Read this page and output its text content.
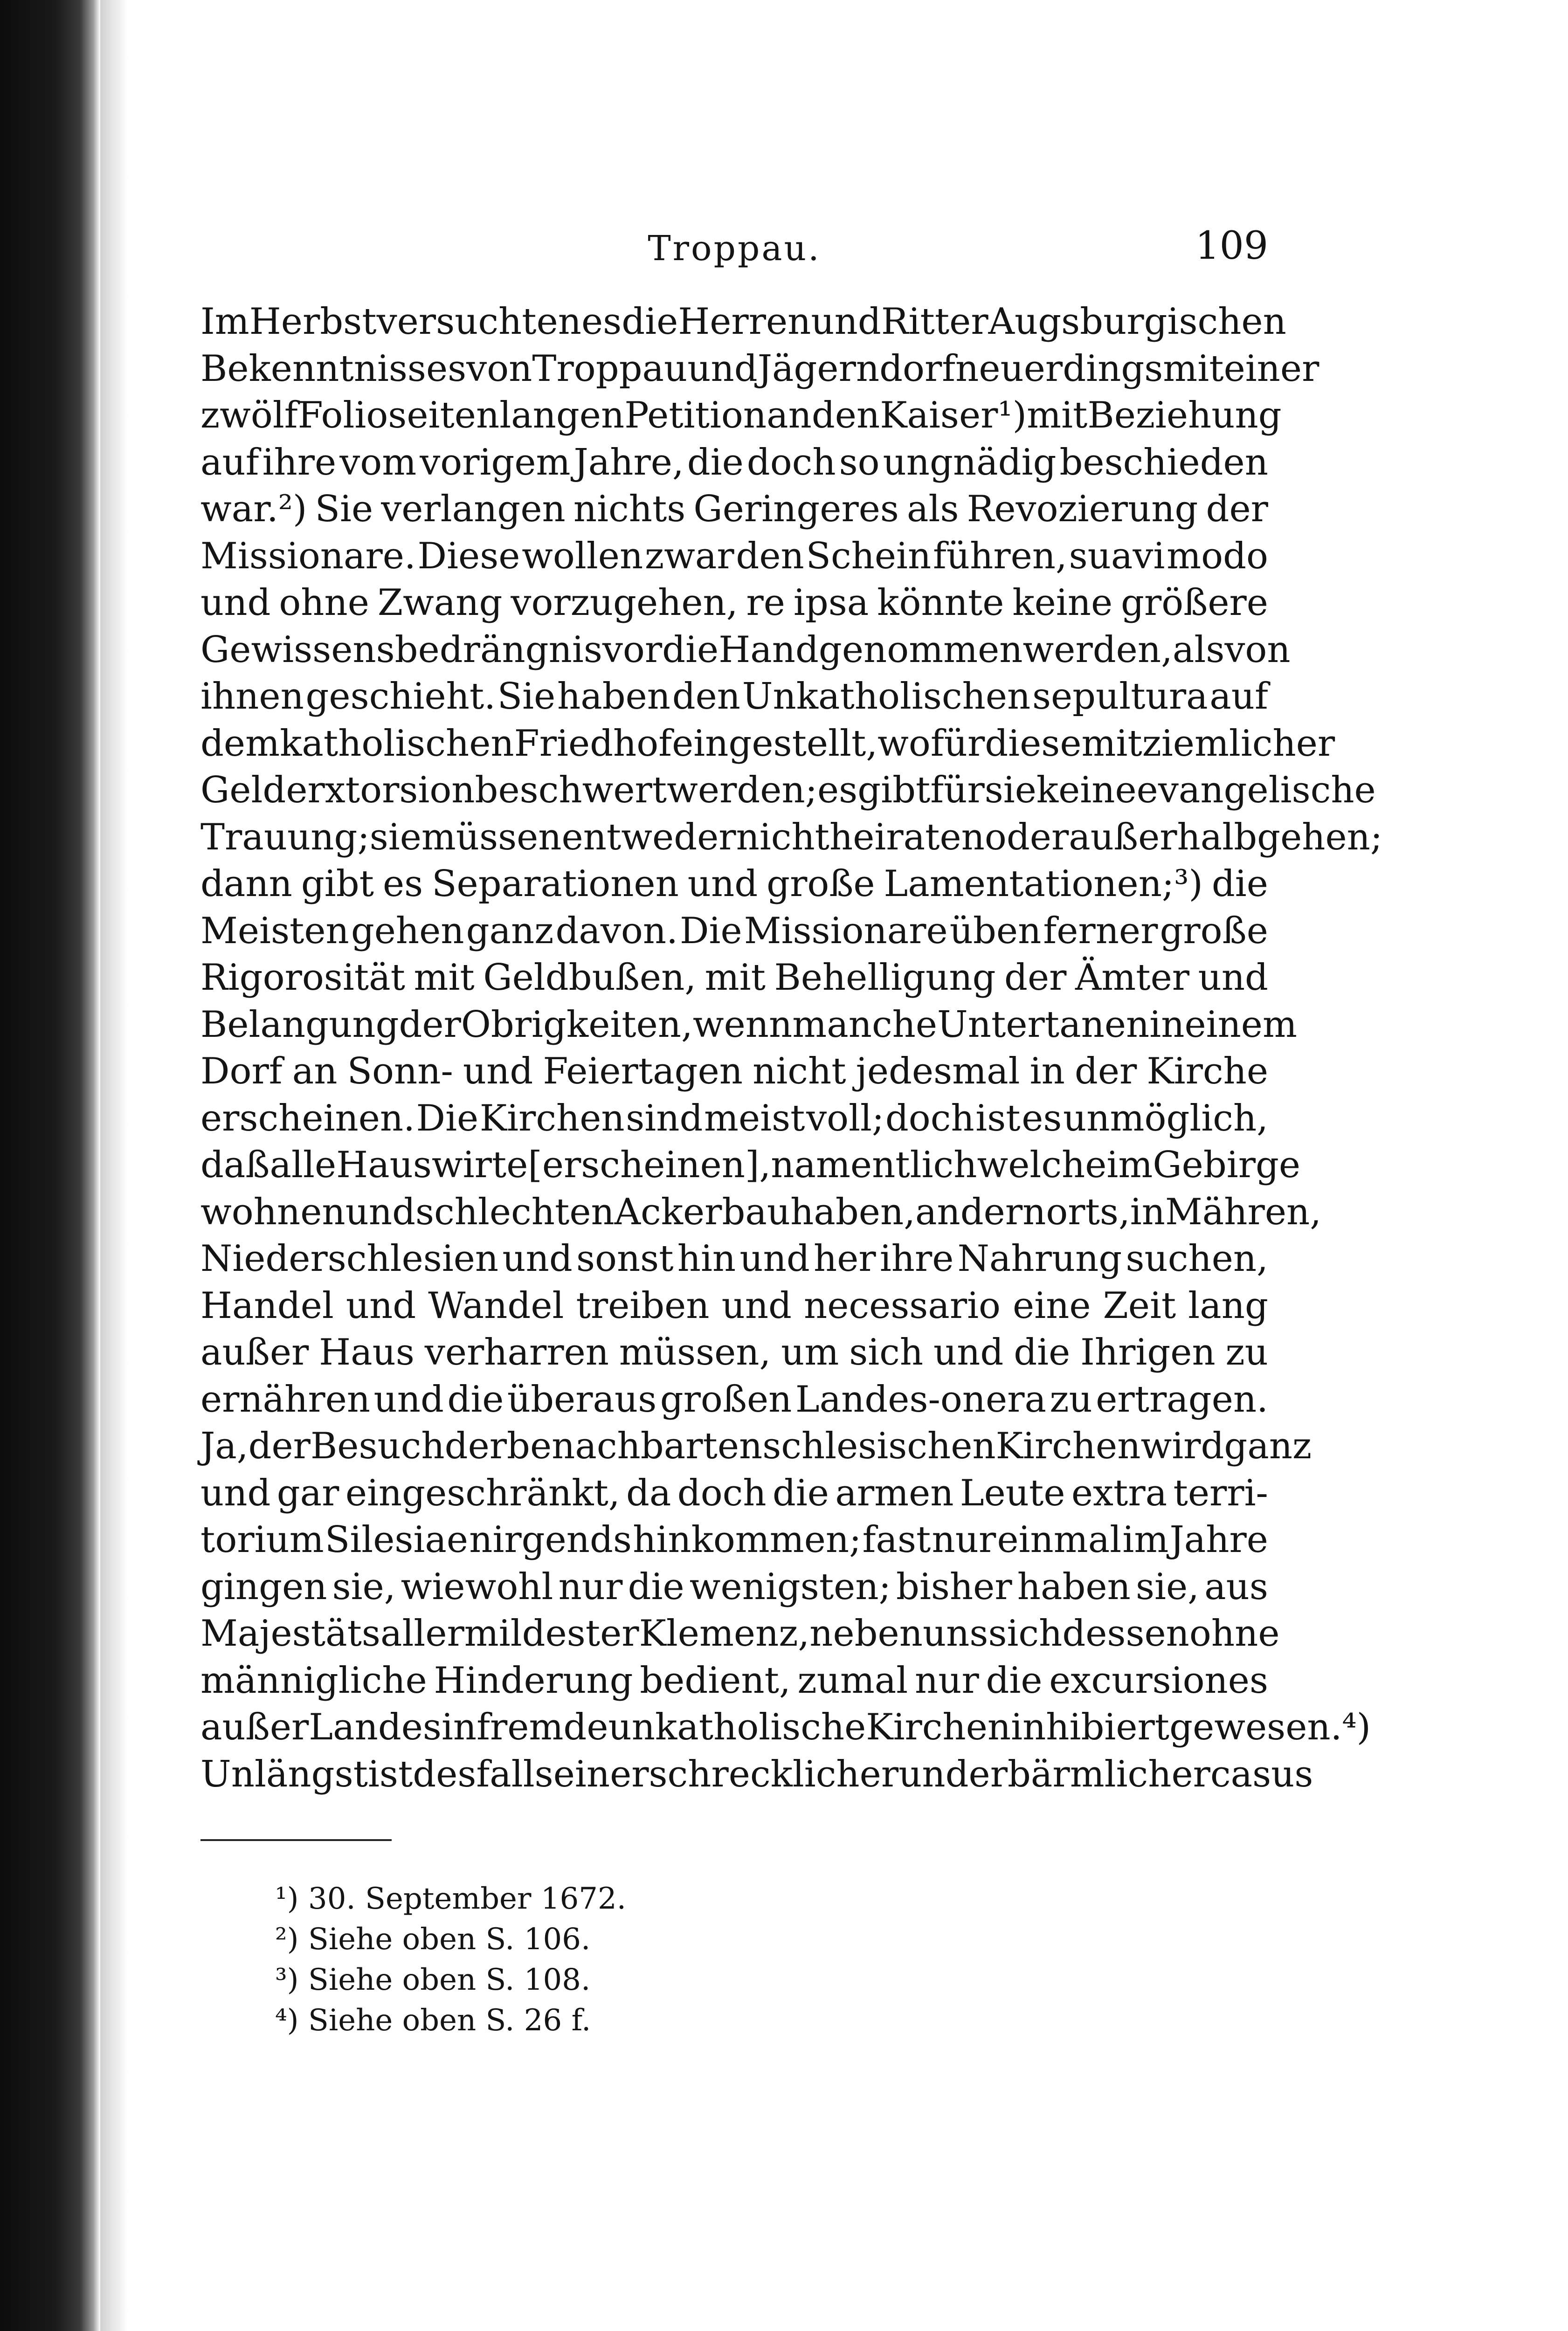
Troppau.	109
Im Herbst versuchten es die Herren und Ritter Augsburgischen
Bekenntnisses von Troppau und Jägerndorf neuerdings mit einer
zwölf Folioseiten langen Petition an den Kaiser¹) mit Beziehung
auf ihre vom vorigem Jahre, die doch so ungnädig beschieden
war.²) Sie verlangen nichts Geringeres als Revozierung der
Missionare. Diese wollen zwar den Schein führen, suavi modo
und ohne Zwang vorzugehen, re ipsa könnte keine größere
Gewissensbedrängnis vor die Hand genommen werden, als von
ihnen geschieht. Sie haben den Unkatholischen sepultura auf
dem katholischen Friedhof eingestellt, wofür diese mit ziemlicher
Gelderxtorsion beschwert werden; es gibt für sie keine evangelische
Trauung; sie müssen entweder nicht heiraten oder außerhalb gehen;
dann gibt es Separationen und große Lamentationen;³) die
Meisten gehen ganz davon. Die Missionare üben ferner große
Rigorosität mit Geldbußen, mit Behelligung der Ämter und
Belangung der Obrigkeiten, wenn manche Untertanen in einem
Dorf an Sonn- und Feiertagen nicht jedesmal in der Kirche
erscheinen. Die Kirchen sind meist voll; doch ist es unmöglich,
daß alle Hauswirte [erscheinen], namentlich welche im Gebirge
wohnen und schlechten Ackerbau haben, andernorts, in Mähren,
Niederschlesien und sonst hin und her ihre Nahrung suchen,
Handel und Wandel treiben und necessario eine Zeit lang
außer Haus verharren müssen, um sich und die Ihrigen zu
ernähren und die überaus großen Landes-onera zu ertragen.
Ja, der Besuch der benachbarten schlesischen Kirchen wird ganz
und gar eingeschränkt, da doch die armen Leute extra terri-
torium Silesiae nirgends hinkommen; fast nur einmal im Jahre
gingen sie, wiewohl nur die wenigsten; bisher haben sie, aus
Majestäts allermildester Klemenz, neben uns sich dessen ohne
männigliche Hinderung bedient, zumal nur die excursiones
außer Landes in fremde unkatholische Kirchen inhibiert gewesen.⁴)
Unlängst ist desfalls ein erschrecklicher und erbärmlicher casus
¹) 30. September 1672.
²) Siehe oben S. 106.
³) Siehe oben S. 108.
⁴) Siehe oben S. 26 f.
